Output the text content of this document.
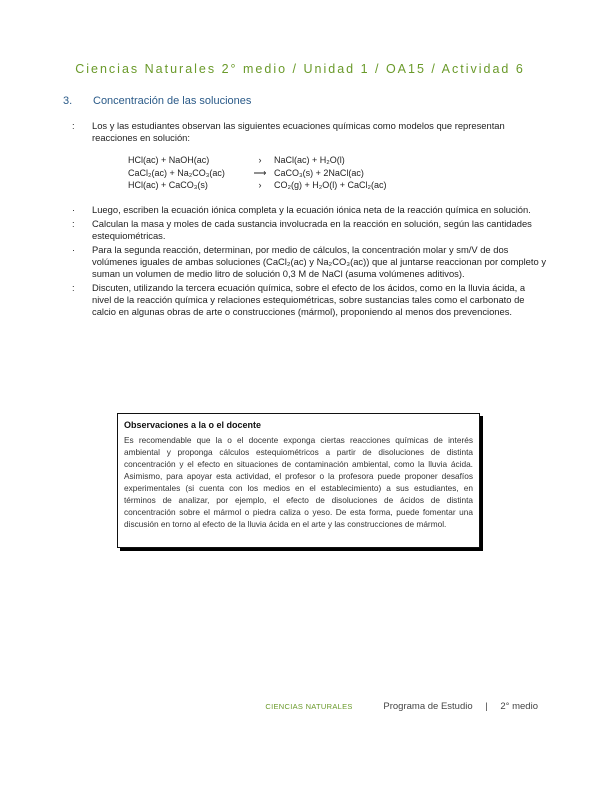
Ciencias Naturales 2° medio / Unidad 1 / OA15 / Actividad 6
3. Concentración de las soluciones
: Los y las estudiantes observan las siguientes ecuaciones químicas como modelos que representan reacciones en solución:
HCl(ac) + NaOH(ac)	›	NaCl(ac) + H₂O(l)
CaCl₂(ac) + Na₂CO₃(ac)	⟶ CaCO₃(s) + 2NaCl(ac)
HCl(ac) + CaCO₃(s)	›	CO₂(g) + H₂O(l) + CaCl₂(ac)
· Luego, escriben la ecuación iónica completa y la ecuación iónica neta de la reacción química en solución.
: Calculan la masa y moles de cada sustancia involucrada en la reacción en solución, según las cantidades estequiométricas.
· Para la segunda reacción, determinan, por medio de cálculos, la concentración molar y sm/V de dos volúmenes iguales de ambas soluciones (CaCl₂(ac) y Na₂CO₃(ac)) que al juntarse reaccionan por completo y suman un volumen de medio litro de solución 0,3 M de NaCl (asuma volúmenes aditivos).
: Discuten, utilizando la tercera ecuación química, sobre el efecto de los ácidos, como en la lluvia ácida, a nivel de la reacción química y relaciones estequiométricas, sobre sustancias tales como el carbonato de calcio en algunas obras de arte o construcciones (mármol), proponiendo al menos dos prevenciones.
Observaciones a la o el docente
Es recomendable que la o el docente exponga ciertas reacciones químicas de interés ambiental y proponga cálculos estequiométricos a partir de disoluciones de distinta concentración y el efecto en situaciones de contaminación ambiental, como la lluvia ácida. Asimismo, para apoyar esta actividad, el profesor o la profesora puede proponer desafíos experimentales (si cuenta con los medios en el establecimiento) a sus estudiantes, en términos de analizar, por ejemplo, el efecto de disoluciones de ácidos de distinta concentración sobre el mármol o piedra caliza o yeso. De esta forma, puede fomentar una discusión en torno al efecto de la lluvia ácida en el arte y las construcciones de mármol.
CIENCIAS NATURALES	Programa de Estudio | 2° medio
